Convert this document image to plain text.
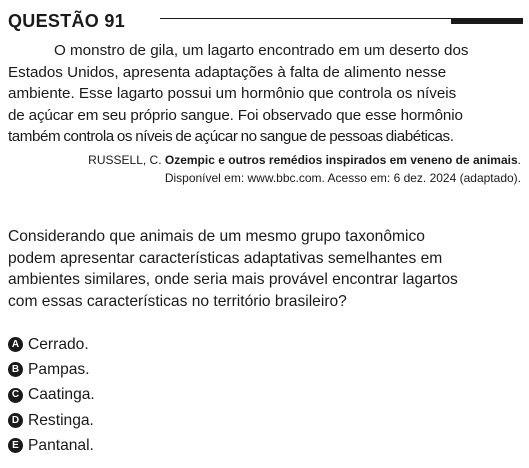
QUESTÃO 91

O monstro de gila, um lagarto encontrado em um deserto dos
Estados Unidos, apresenta adaptações à falta de alimento nesse
ambiente. Esse lagarto possui um hormônio que controla os níveis
de açúcar em seu próprio sangue. Foi observado que esse hormônio
também controla os níveis de açúcar no sangue de pessoas diabéticas.

RUSSELL, C. Ozempic e outros remédios inspirados em veneno de animais.
Disponível em: www.bbc.com. Acesso em: 6 dez. 2024 (adaptado).

Considerando que animais de um mesmo grupo taxonômico
podem apresentar características adaptativas semelhantes em
ambientes similares, onde seria mais provável encontrar lagartos
com essas características no território brasileiro?

A Cerrado.
B Pampas.
C Caatinga.
D Restinga.
E Pantanal.
